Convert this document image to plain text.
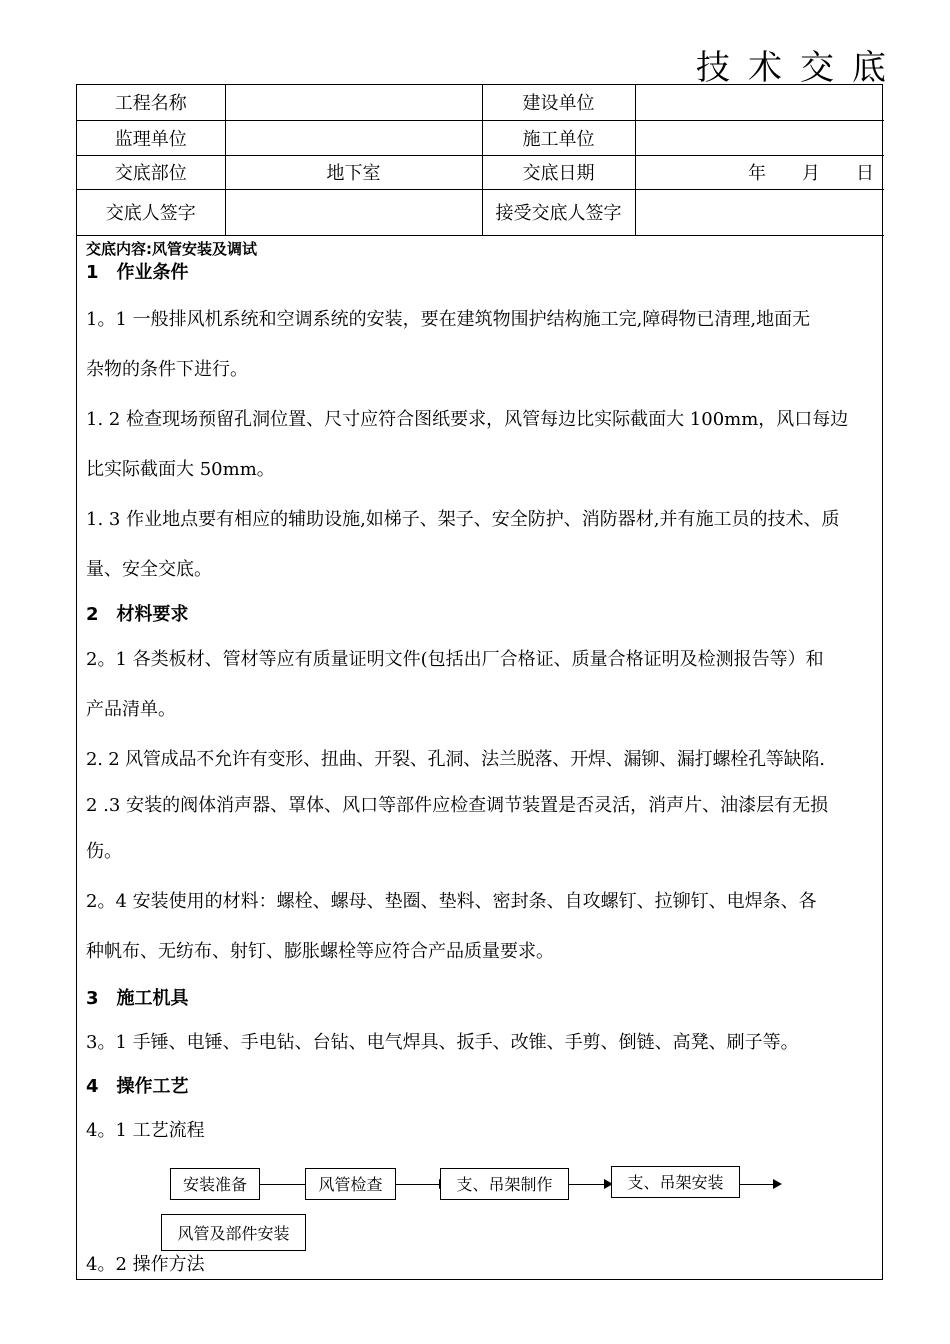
技术交底
工程名称		建设单位	
监理单位		施工单位	
交底部位	地下室	交底日期	年　　月　　日
交底人签字		接受交底人签字	
交底内容:风管安装及调试
1　作业条件
1。1 一般排风机系统和空调系统的安装，要在建筑物围护结构施工完,障碍物已清理,地面无
杂物的条件下进行。
1. 2 检查现场预留孔洞位置、尺寸应符合图纸要求，风管每边比实际截面大 100mm，风口每边
比实际截面大 50mm。
1. 3 作业地点要有相应的辅助设施,如梯子、架子、安全防护、消防器材,并有施工员的技术、质
量、安全交底。
2　材料要求
2。1 各类板材、管材等应有质量证明文件(包括出厂合格证、质量合格证明及检测报告等）和
产品清单。
2. 2 风管成品不允许有变形、扭曲、开裂、孔洞、法兰脱落、开焊、漏铆、漏打螺栓孔等缺陷.
2 .3 安装的阀体消声器、罩体、风口等部件应检查调节装置是否灵活，消声片、油漆层有无损
伤。
2。4 安装使用的材料：螺栓、螺母、垫圈、垫料、密封条、自攻螺钉、拉铆钉、电焊条、各
种帆布、无纺布、射钉、膨胀螺栓等应符合产品质量要求。
3　施工机具
3。1 手锤、电锤、手电钻、台钻、电气焊具、扳手、改锥、手剪、倒链、高凳、刷子等。
4　操作工艺
4。1 工艺流程
安装准备	风管检查	支、吊架制作	支、吊架安装
风管及部件安装
4。2 操作方法
